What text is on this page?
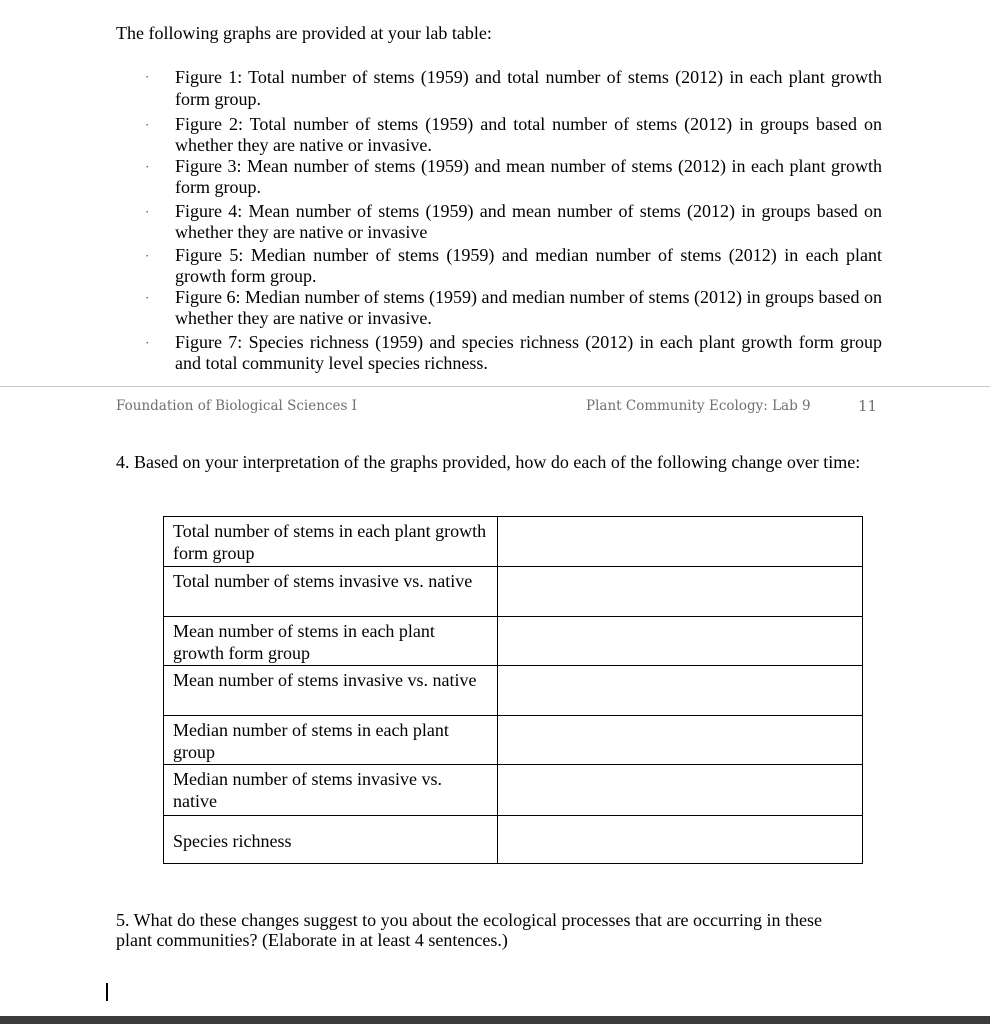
The following graphs are provided at your lab table:
· Figure 1: Total number of stems (1959) and total number of stems (2012) in each plant growth form group.
· Figure 2: Total number of stems (1959) and total number of stems (2012) in groups based on whether they are native or invasive.
· Figure 3: Mean number of stems (1959) and mean number of stems (2012) in each plant growth form group.
· Figure 4: Mean number of stems (1959) and mean number of stems (2012) in groups based on whether they are native or invasive
· Figure 5: Median number of stems (1959) and median number of stems (2012) in each plant growth form group.
· Figure 6: Median number of stems (1959) and median number of stems (2012) in groups based on whether they are native or invasive.
· Figure 7: Species richness (1959) and species richness (2012) in each plant growth form group and total community level species richness.
Foundation of Biological Sciences I	Plant Community Ecology: Lab 9	11
4. Based on your interpretation of the graphs provided, how do each of the following change over time:
Total number of stems in each plant growth form group	
Total number of stems invasive vs. native	
Mean number of stems in each plant growth form group	
Mean number of stems invasive vs. native	
Median number of stems in each plant group	
Median number of stems invasive vs. native	
Species richness	
5. What do these changes suggest to you about the ecological processes that are occurring in these plant communities? (Elaborate in at least 4 sentences.)
